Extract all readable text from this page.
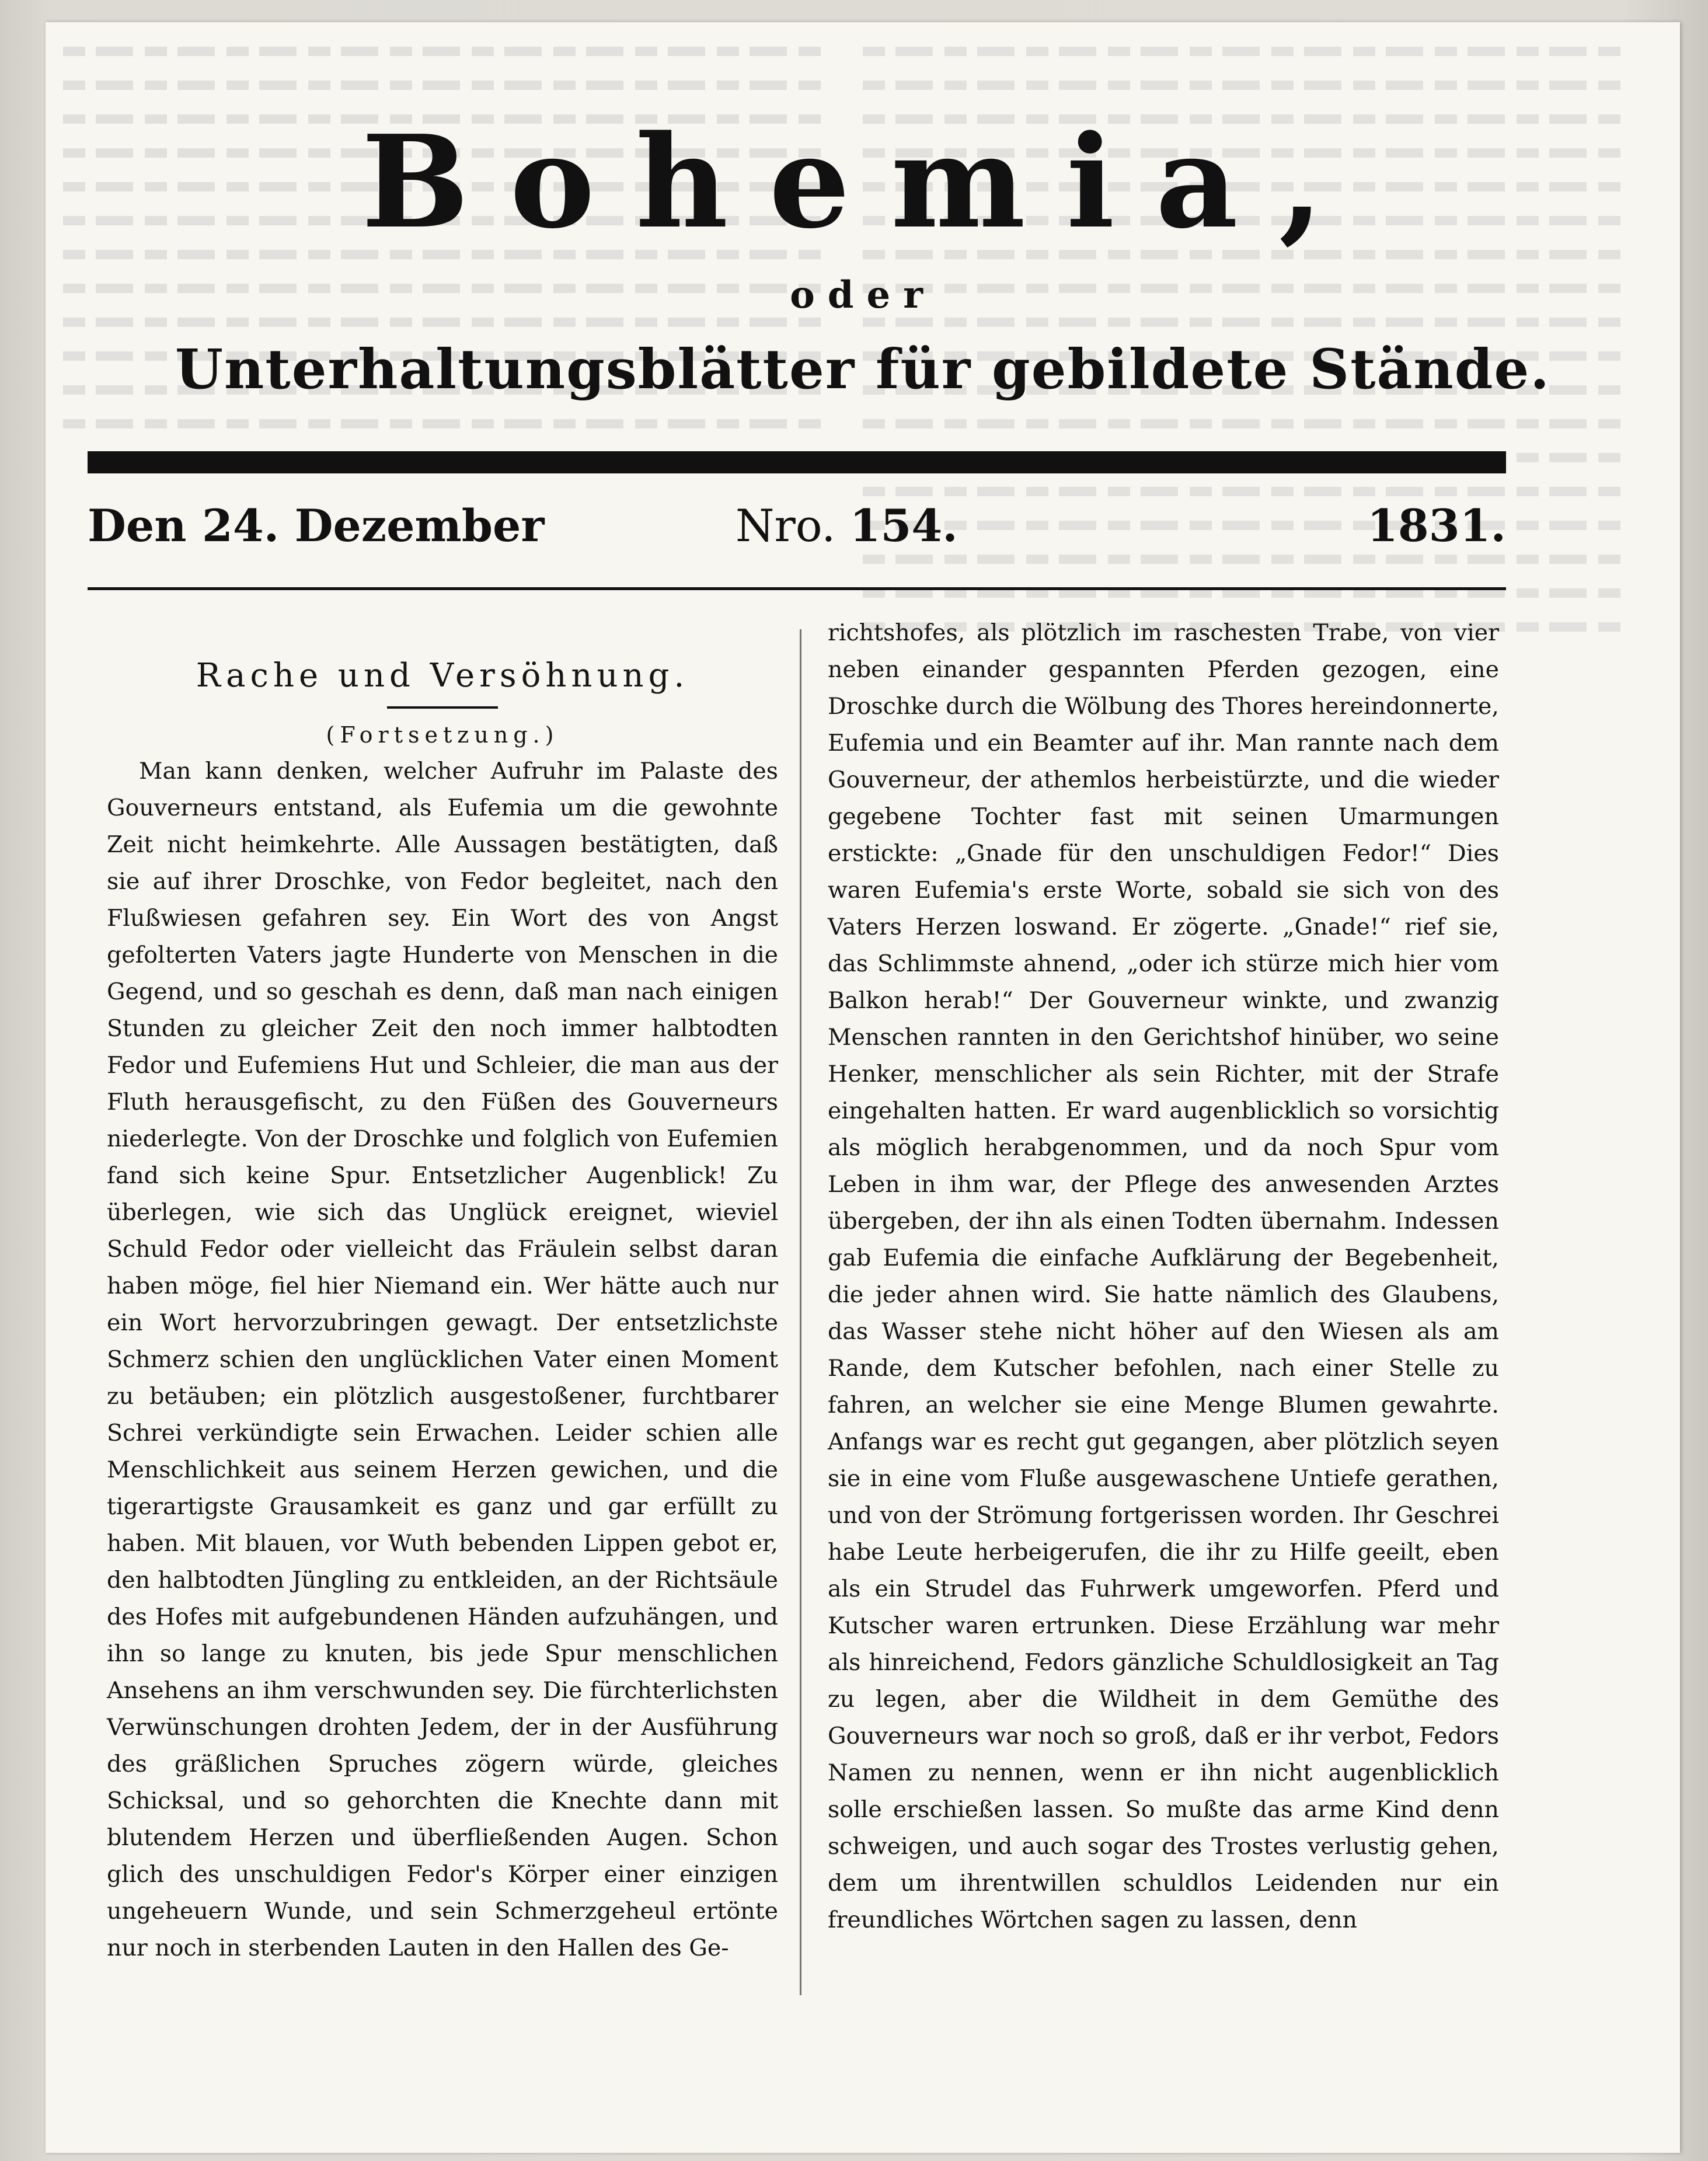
Bohemia,
oder
Unterhaltungsblätter für gebildete Stände.
Den 24. Dezember	Nro. 154.	1831.
Rache und Versöhnung.
(Fortsetzung.)

Man kann denken, welcher Aufruhr im Palaste des Gouverneurs entstand, als Eufemia um die gewohnte Zeit nicht heimkehrte. Alle Aussagen bestätigten, daß sie auf ihrer Droschke, von Fedor begleitet, nach den Flußwiesen gefahren sey. Ein Wort des von Angst gefolterten Vaters jagte Hunderte von Menschen in die Gegend, und so geschah es denn, daß man nach einigen Stunden zu gleicher Zeit den noch immer halbtodten Fedor und Eufemiens Hut und Schleier, die man aus der Fluth herausgefischt, zu den Füßen des Gouverneurs niederlegte. Von der Droschke und folglich von Eufemien fand sich keine Spur. Entsetzlicher Augenblick! Zu überlegen, wie sich das Unglück ereignet, wieviel Schuld Fedor oder vielleicht das Fräulein selbst daran haben möge, fiel hier Niemand ein. Wer hätte auch nur ein Wort hervorzubringen gewagt. Der entsetzlichste Schmerz schien den unglücklichen Vater einen Moment zu betäuben; ein plötzlich ausgestoßener, furchtbarer Schrei verkündigte sein Erwachen. Leider schien alle Menschlichkeit aus seinem Herzen gewichen, und die tigerartigste Grausamkeit es ganz und gar erfüllt zu haben. Mit blauen, vor Wuth bebenden Lippen gebot er, den halbtodten Jüngling zu entkleiden, an der Richtsäule des Hofes mit aufgebundenen Händen aufzuhängen, und ihn so lange zu knuten, bis jede Spur menschlichen Ansehens an ihm verschwunden sey. Die fürchterlichsten Verwünschungen drohten Jedem, der in der Ausführung des gräßlichen Spruches zögern würde, gleiches Schicksal, und so gehorchten die Knechte dann mit blutendem Herzen und überfließenden Augen. Schon glich des unschuldigen Fedor's Körper einer einzigen ungeheuern Wunde, und sein Schmerzgeheul ertönte nur noch in sterbenden Lauten in den Hallen des Ge-

richtshofes, als plötzlich im raschesten Trabe, von vier neben einander gespannten Pferden gezogen, eine Droschke durch die Wölbung des Thores hereindonnerte, Eufemia und ein Beamter auf ihr. Man rannte nach dem Gouverneur, der athemlos herbeistürzte, und die wieder gegebene Tochter fast mit seinen Umarmungen erstickte: „Gnade für den unschuldigen Fedor!“ Dies waren Eufemia's erste Worte, sobald sie sich von des Vaters Herzen loswand. Er zögerte. „Gnade!“ rief sie, das Schlimmste ahnend, „oder ich stürze mich hier vom Balkon herab!“ Der Gouverneur winkte, und zwanzig Menschen rannten in den Gerichtshof hinüber, wo seine Henker, menschlicher als sein Richter, mit der Strafe eingehalten hatten. Er ward augenblicklich so vorsichtig als möglich herabgenommen, und da noch Spur vom Leben in ihm war, der Pflege des anwesenden Arztes übergeben, der ihn als einen Todten übernahm. Indessen gab Eufemia die einfache Aufklärung der Begebenheit, die jeder ahnen wird. Sie hatte nämlich des Glaubens, das Wasser stehe nicht höher auf den Wiesen als am Rande, dem Kutscher befohlen, nach einer Stelle zu fahren, an welcher sie eine Menge Blumen gewahrte. Anfangs war es recht gut gegangen, aber plötzlich seyen sie in eine vom Fluße ausgewaschene Untiefe gerathen, und von der Strömung fortgerissen worden. Ihr Geschrei habe Leute herbeigerufen, die ihr zu Hilfe geeilt, eben als ein Strudel das Fuhrwerk umgeworfen. Pferd und Kutscher waren ertrunken. Diese Erzählung war mehr als hinreichend, Fedors gänzliche Schuldlosigkeit an Tag zu legen, aber die Wildheit in dem Gemüthe des Gouverneurs war noch so groß, daß er ihr verbot, Fedors Namen zu nennen, wenn er ihn nicht augenblicklich solle erschießen lassen. So mußte das arme Kind denn schweigen, und auch sogar des Trostes verlustig gehen, dem um ihrentwillen schuldlos Leidenden nur ein freundliches Wörtchen sagen zu lassen, denn
